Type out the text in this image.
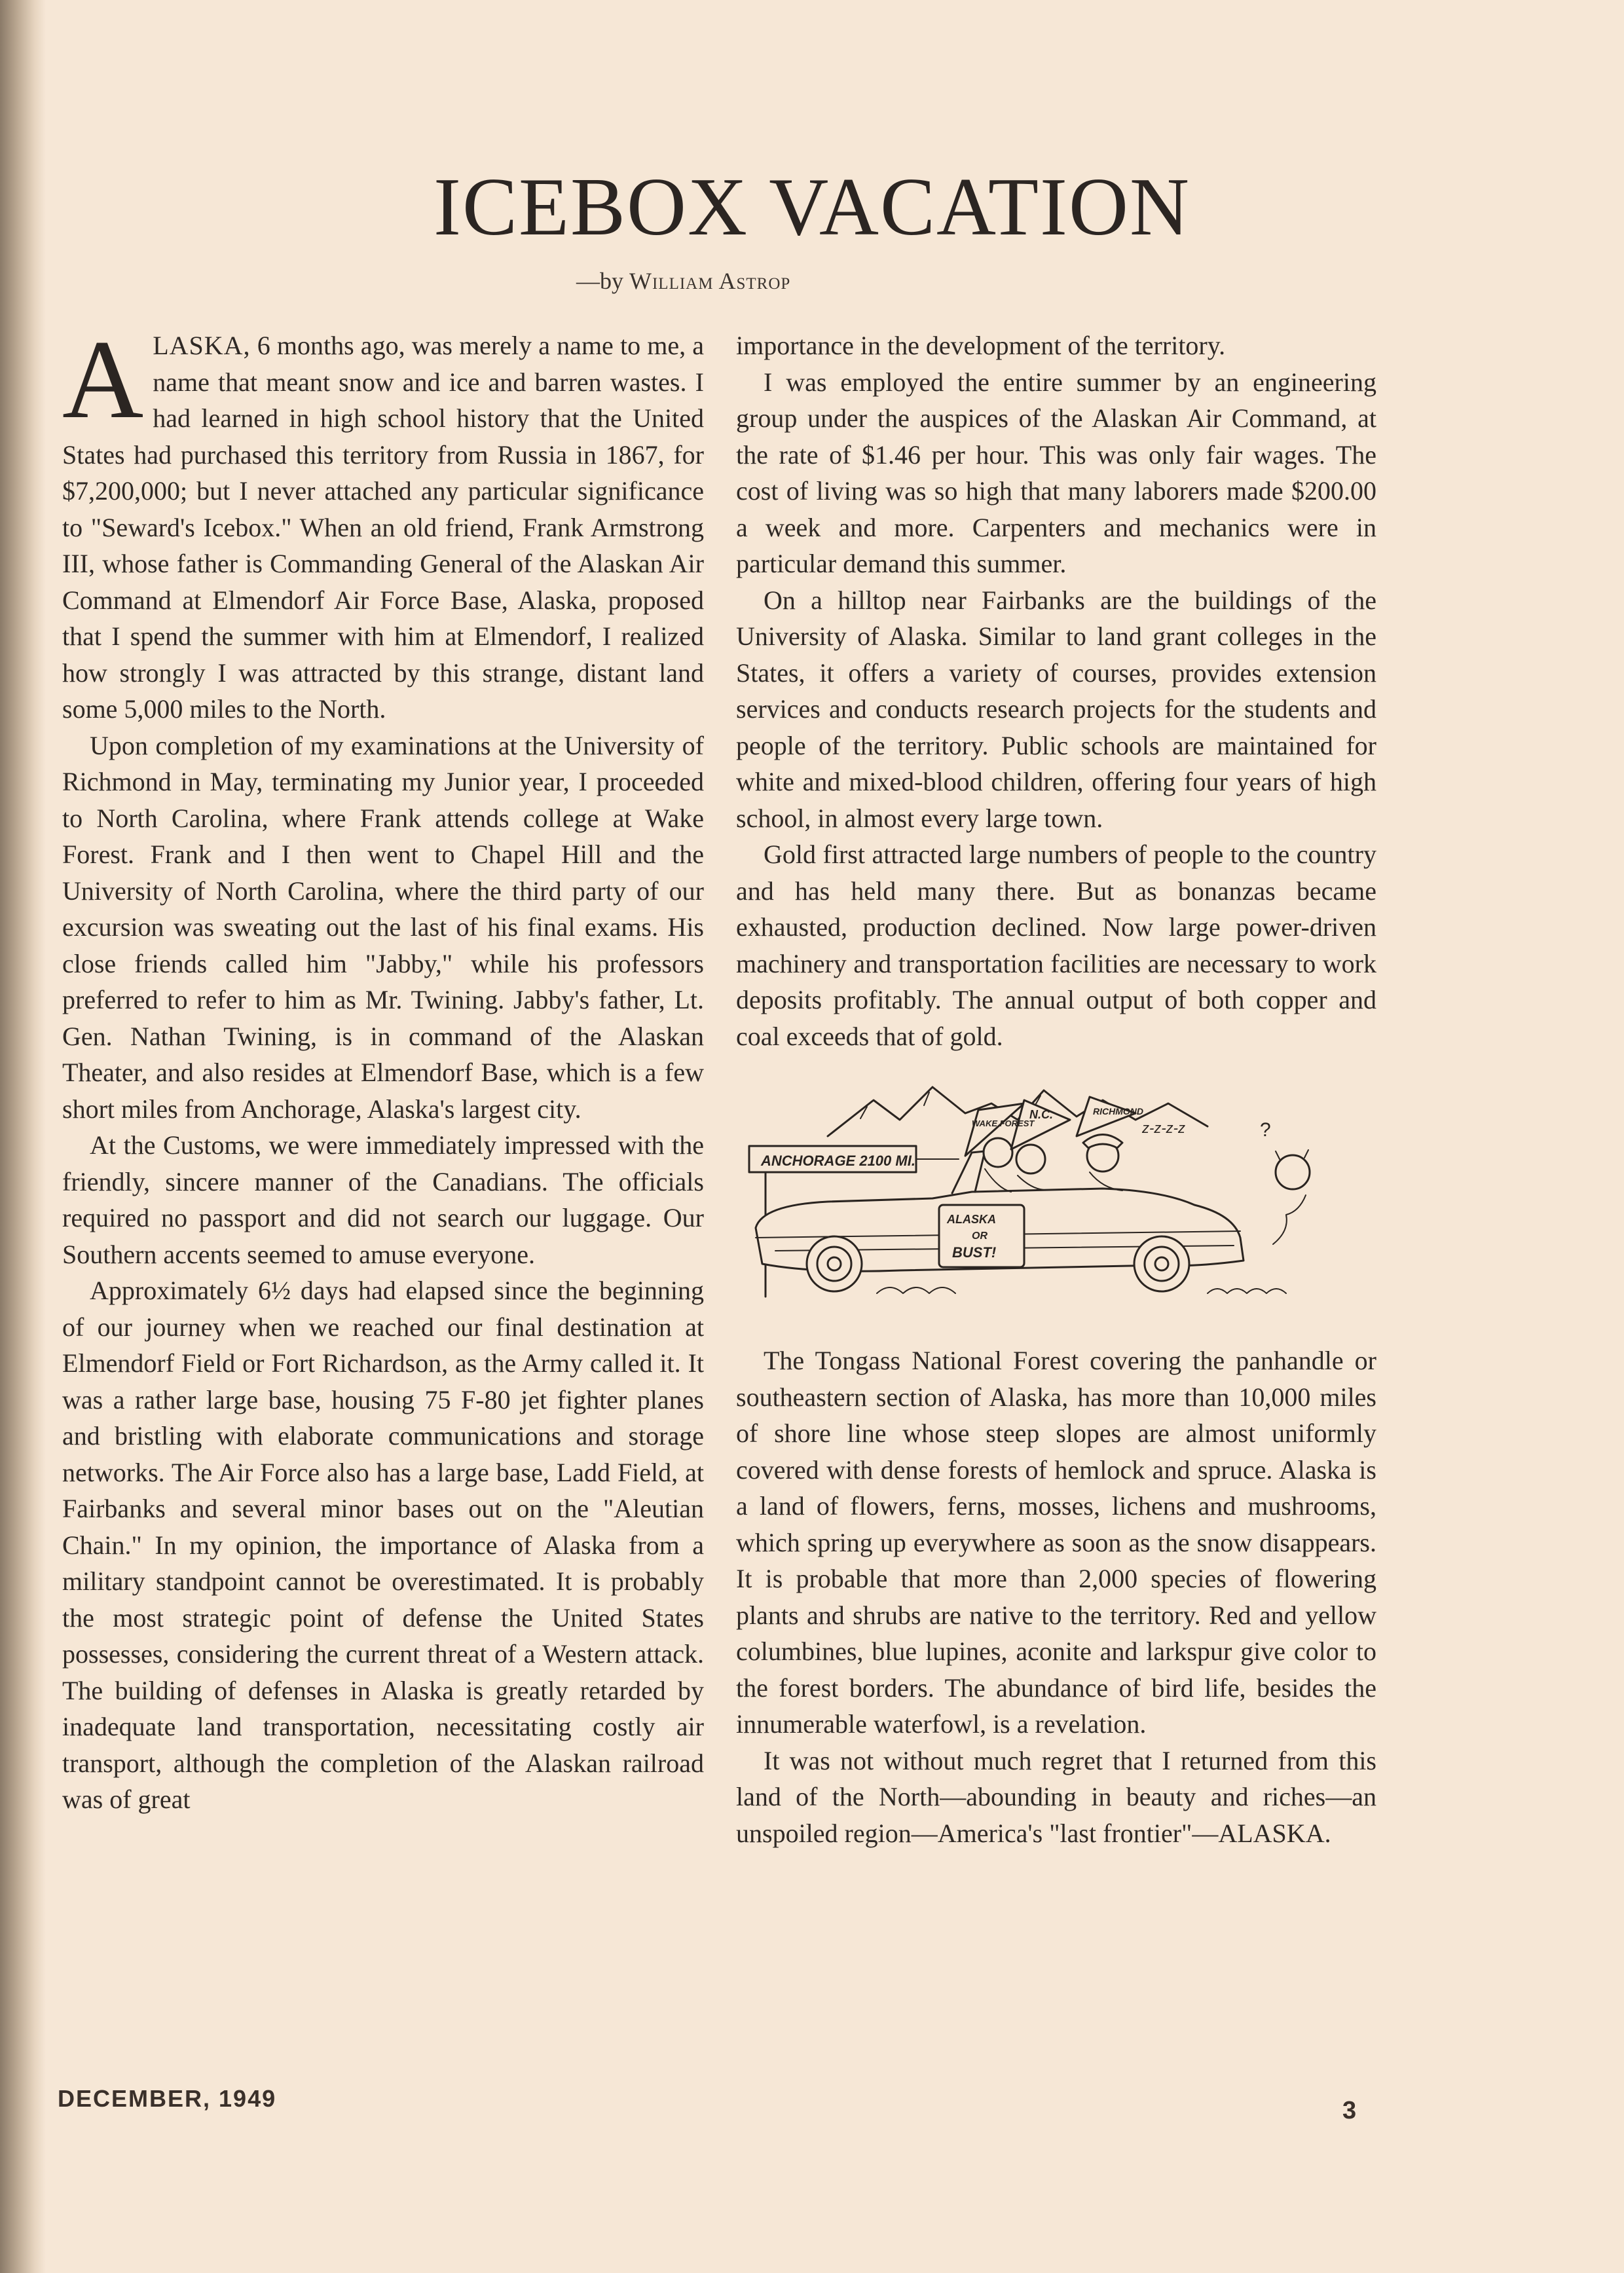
ICEBOX VACATION
—by William Astrop

ALASKA, 6 months ago, was merely a name to me, a name that meant snow and ice and barren wastes. I had learned in high school history that the United States had purchased this territory from Russia in 1867, for $7,200,000; but I never attached any particular significance to "Seward's Icebox." When an old friend, Frank Armstrong III, whose father is Commanding General of the Alaskan Air Command at Elmendorf Air Force Base, Alaska, proposed that I spend the summer with him at Elmendorf, I realized how strongly I was attracted by this strange, distant land some 5,000 miles to the North.

Upon completion of my examinations at the University of Richmond in May, terminating my Junior year, I proceeded to North Carolina, where Frank attends college at Wake Forest. Frank and I then went to Chapel Hill and the University of North Carolina, where the third party of our excursion was sweating out the last of his final exams. His close friends called him "Jabby," while his professors preferred to refer to him as Mr. Twining. Jabby's father, Lt. Gen. Nathan Twining, is in command of the Alaskan Theater, and also resides at Elmendorf Base, which is a few short miles from Anchorage, Alaska's largest city.

At the Customs, we were immediately impressed with the friendly, sincere manner of the Canadians. The officials required no passport and did not search our luggage. Our Southern accents seemed to amuse everyone.

Approximately 6½ days had elapsed since the beginning of our journey when we reached our final destination at Elmendorf Field or Fort Richardson, as the Army called it. It was a rather large base, housing 75 F-80 jet fighter planes and bristling with elaborate communications and storage networks. The Air Force also has a large base, Ladd Field, at Fairbanks and several minor bases out on the "Aleutian Chain." In my opinion, the importance of Alaska from a military standpoint cannot be overestimated. It is probably the most strategic point of defense the United States possesses, considering the current threat of a Western attack. The building of defenses in Alaska is greatly retarded by inadequate land transportation, necessitating costly air transport, although the completion of the Alaskan railroad was of great

importance in the development of the territory.

I was employed the entire summer by an engineering group under the auspices of the Alaskan Air Command, at the rate of $1.46 per hour. This was only fair wages. The cost of living was so high that many laborers made $200.00 a week and more. Carpenters and mechanics were in particular demand this summer.

On a hilltop near Fairbanks are the buildings of the University of Alaska. Similar to land grant colleges in the States, it offers a variety of courses, provides extension services and conducts research projects for the students and people of the territory. Public schools are maintained for white and mixed-blood children, offering four years of high school, in almost every large town.

Gold first attracted large numbers of people to the country and has held many there. But as bonanzas became exhausted, production declined. Now large power-driven machinery and transportation facilities are necessary to work deposits profitably. The annual output of both copper and coal exceeds that of gold.

ANCHORAGE 2100 MI.
ALASKA
OR
BUST!
WAKE FOREST
N.C.	RICHMOND
z-z-z-z	?

The Tongass National Forest covering the panhandle or southeastern section of Alaska, has more than 10,000 miles of shore line whose steep slopes are almost uniformly covered with dense forests of hemlock and spruce. Alaska is a land of flowers, ferns, mosses, lichens and mushrooms, which spring up everywhere as soon as the snow disappears. It is probable that more than 2,000 species of flowering plants and shrubs are native to the territory. Red and yellow columbines, blue lupines, aconite and larkspur give color to the forest borders. The abundance of bird life, besides the innumerable waterfowl, is a revelation.

It was not without much regret that I returned from this land of the North—abounding in beauty and riches—an unspoiled region—America's "last frontier"—ALASKA.

DECEMBER, 1949	3
